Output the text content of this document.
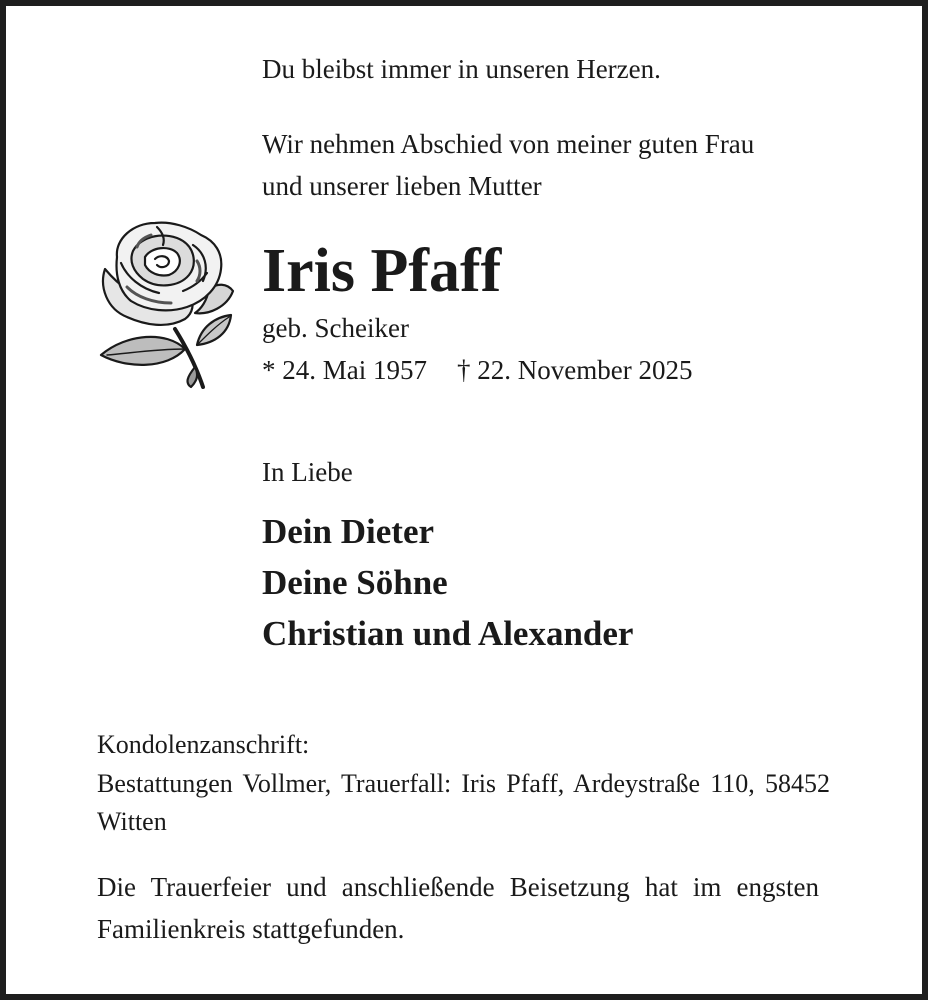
Du bleibst immer in unseren Herzen.

Wir nehmen Abschied von meiner guten Frau

und unserer lieben Mutter

Iris Pfaff

geb. Scheiker

* 24. Mai 1957 † 22. November 2025

In Liebe

Dein Dieter

Deine Söhne

Christian und Alexander

Kondolenzanschrift:

Bestattungen Vollmer, Trauerfall: Iris Pfaff, Ardeystraße 110, 58452 Witten

Die Trauerfeier und anschließende Beisetzung hat im engsten Familienkreis stattgefunden.
